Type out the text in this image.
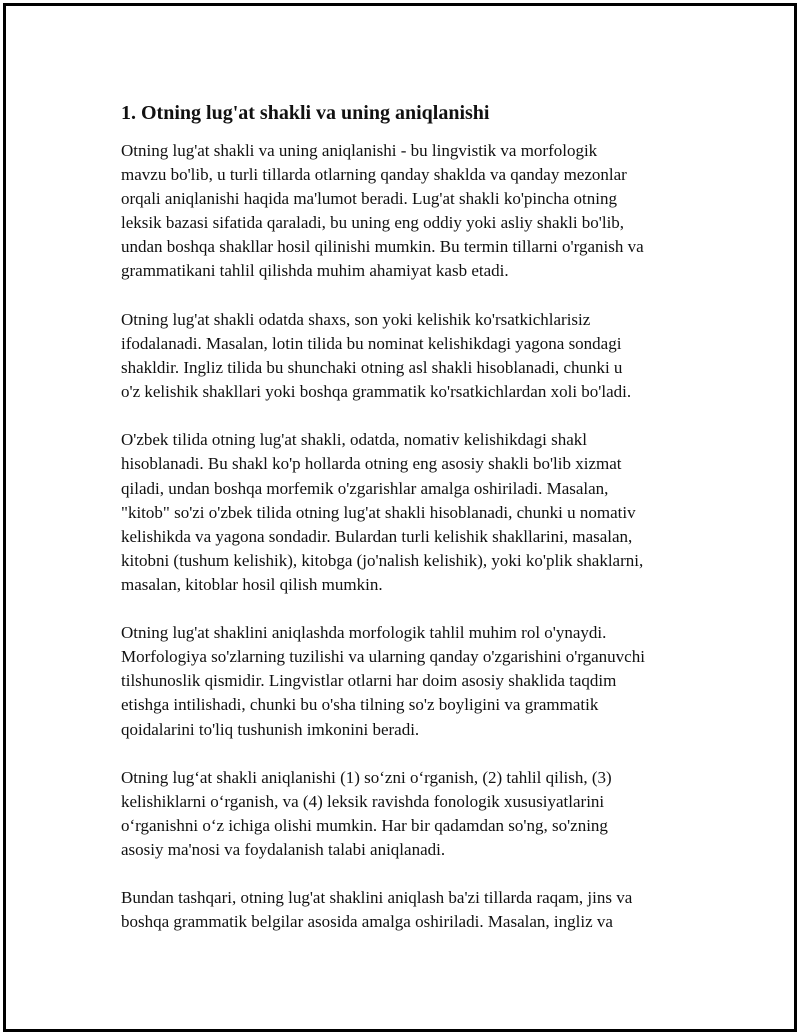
1. Otning lug'at shakli va uning aniqlanishi

Otning lug'at shakli va uning aniqlanishi - bu lingvistik va morfologik
mavzu bo'lib, u turli tillarda otlarning qanday shaklda va qanday mezonlar
orqali aniqlanishi haqida ma'lumot beradi. Lug'at shakli ko'pincha otning
leksik bazasi sifatida qaraladi, bu uning eng oddiy yoki asliy shakli bo'lib,
undan boshqa shakllar hosil qilinishi mumkin. Bu termin tillarni o'rganish va
grammatikani tahlil qilishda muhim ahamiyat kasb etadi.

Otning lug'at shakli odatda shaxs, son yoki kelishik ko'rsatkichlarisiz
ifodalanadi. Masalan, lotin tilida bu nominat kelishikdagi yagona sondagi
shakldir. Ingliz tilida bu shunchaki otning asl shakli hisoblanadi, chunki u
o'z kelishik shakllari yoki boshqa grammatik ko'rsatkichlardan xoli bo'ladi.

O'zbek tilida otning lug'at shakli, odatda, nomativ kelishikdagi shakl
hisoblanadi. Bu shakl ko'p hollarda otning eng asosiy shakli bo'lib xizmat
qiladi, undan boshqa morfemik o'zgarishlar amalga oshiriladi. Masalan,
"kitob" so'zi o'zbek tilida otning lug'at shakli hisoblanadi, chunki u nomativ
kelishikda va yagona sondadir. Bulardan turli kelishik shakllarini, masalan,
kitobni (tushum kelishik), kitobga (jo'nalish kelishik), yoki ko'plik shaklarni,
masalan, kitoblar hosil qilish mumkin.

Otning lug'at shaklini aniqlashda morfologik tahlil muhim rol o'ynaydi.
Morfologiya so'zlarning tuzilishi va ularning qanday o'zgarishini o'rganuvchi
tilshunoslik qismidir. Lingvistlar otlarni har doim asosiy shaklida taqdim
etishga intilishadi, chunki bu o'sha tilning so'z boyligini va grammatik
qoidalarini to'liq tushunish imkonini beradi.

Otning lug‘at shakli aniqlanishi (1) so‘zni o‘rganish, (2) tahlil qilish, (3)
kelishiklarni o‘rganish, va (4) leksik ravishda fonologik xususiyatlarini
o‘rganishni o‘z ichiga olishi mumkin. Har bir qadamdan so'ng, so'zning
asosiy ma'nosi va foydalanish talabi aniqlanadi.

Bundan tashqari, otning lug'at shaklini aniqlash ba'zi tillarda raqam, jins va
boshqa grammatik belgilar asosida amalga oshiriladi. Masalan, ingliz va
